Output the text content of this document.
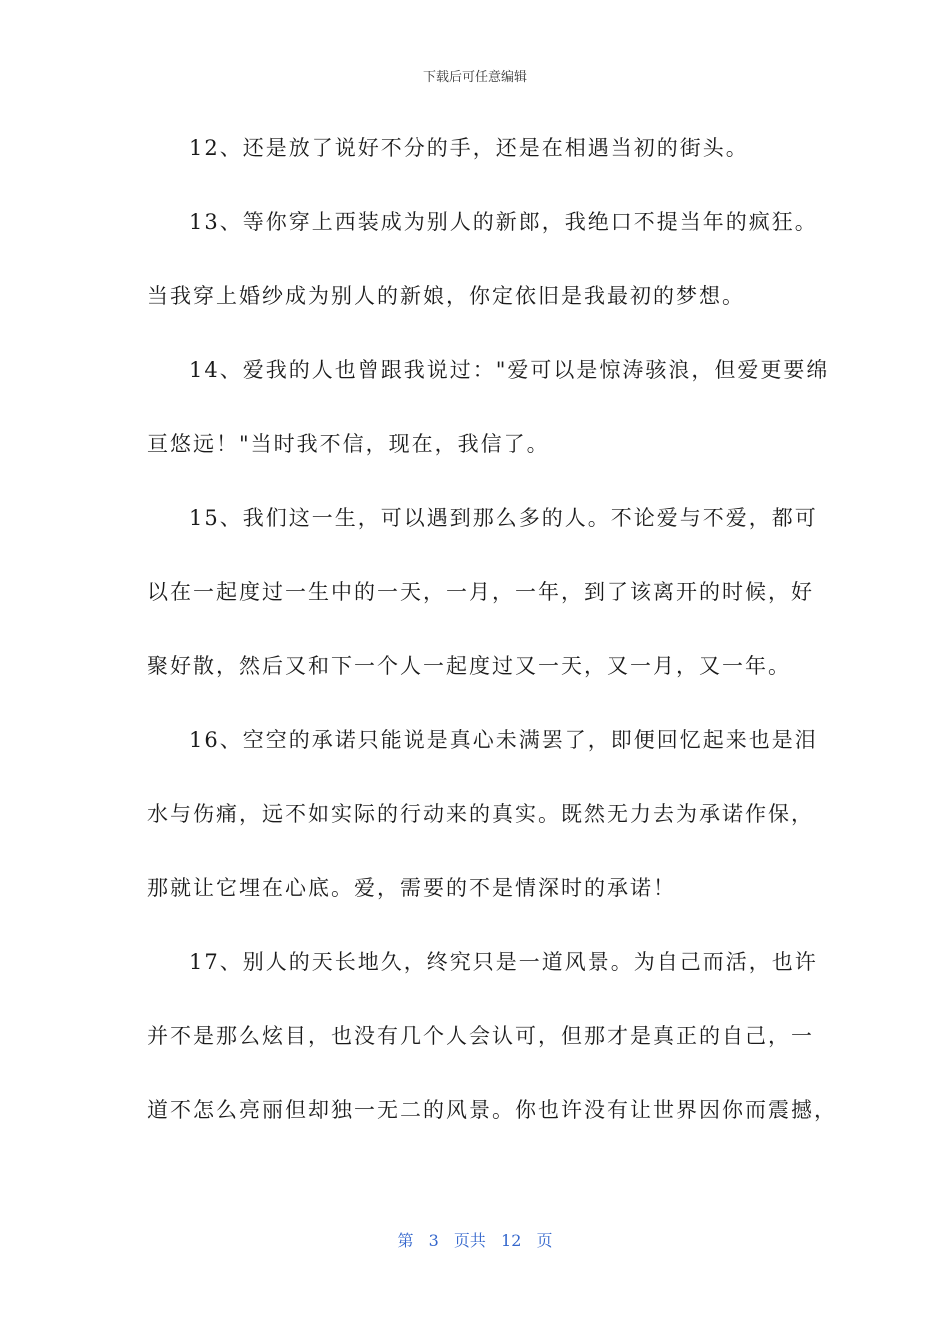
下载后可任意编辑
12、还是放了说好不分的手，还是在相遇当初的街头。
13、等你穿上西装成为别人的新郎，我绝口不提当年的疯狂。
当我穿上婚纱成为别人的新娘，你定依旧是我最初的梦想。
14、爱我的人也曾跟我说过："爱可以是惊涛骇浪，但爱更要绵
亘悠远！"当时我不信，现在，我信了。
15、我们这一生，可以遇到那么多的人。不论爱与不爱，都可
以在一起度过一生中的一天，一月，一年，到了该离开的时候，好
聚好散，然后又和下一个人一起度过又一天，又一月，又一年。
16、空空的承诺只能说是真心未满罢了，即便回忆起来也是泪
水与伤痛，远不如实际的行动来的真实。既然无力去为承诺作保，
那就让它埋在心底。爱，需要的不是情深时的承诺！
17、别人的天长地久，终究只是一道风景。为自己而活，也许
并不是那么炫目，也没有几个人会认可，但那才是真正的自己，一
道不怎么亮丽但却独一无二的风景。你也许没有让世界因你而震撼，
第 3 页共 12 页
